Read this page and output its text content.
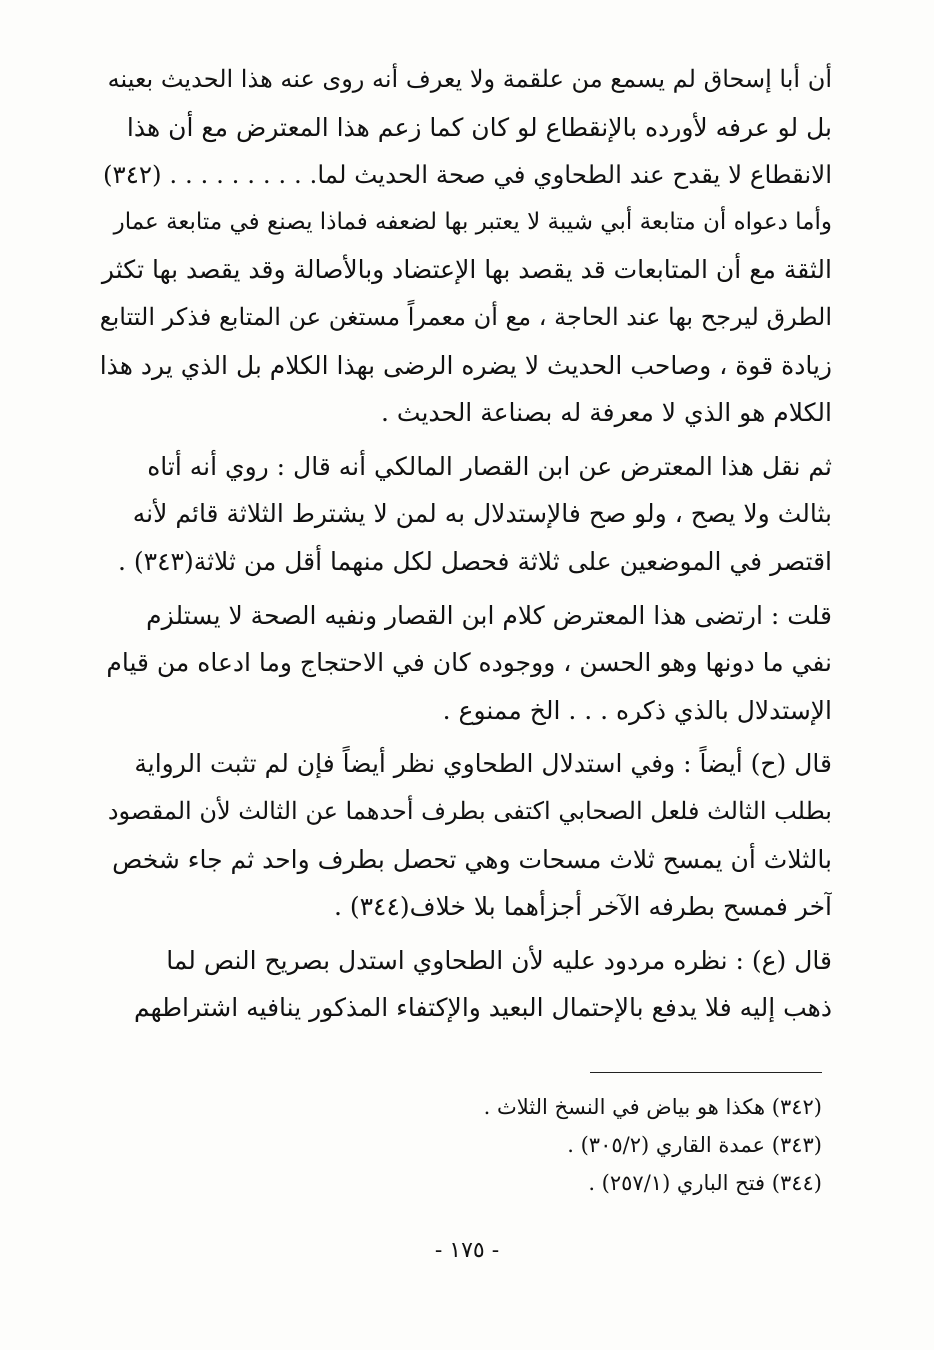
أن أبا إسحاق لم يسمع من علقمة ولا يعرف أنه روى عنه هذا الحديث بعينه
بل لو عرفه لأورده بالإنقطاع لو كان كما زعم هذا المعترض مع أن هذا
الانقطاع لا يقدح عند الطحاوي في صحة الحديث لما. . . . . . . . . . (٣٤٢)
وأما دعواه أن متابعة أبي شيبة لا يعتبر بها لضعفه فماذا يصنع في متابعة عمار
الثقة مع أن المتابعات قد يقصد بها الإعتضاد وبالأصالة وقد يقصد بها تكثر
الطرق ليرجح بها عند الحاجة ، مع أن معمراً مستغن عن المتابع فذكر التتابع
زيادة قوة ، وصاحب الحديث لا يضره الرضى بهذا الكلام بل الذي يرد هذا
الكلام هو الذي لا معرفة له بصناعة الحديث .
ثم نقل هذا المعترض عن ابن القصار المالكي أنه قال : روي أنه أتاه
بثالث ولا يصح ، ولو صح فالإستدلال به لمن لا يشترط الثلاثة قائم لأنه
اقتصر في الموضعين على ثلاثة فحصل لكل منهما أقل من ثلاثة(٣٤٣) .
قلت : ارتضى هذا المعترض كلام ابن القصار ونفيه الصحة لا يستلزم
نفي ما دونها وهو الحسن ، ووجوده كان في الاحتجاج وما ادعاه من قيام
الإستدلال بالذي ذكره . . . الخ ممنوع .
قال (ح) أيضاً : وفي استدلال الطحاوي نظر أيضاً فإن لم تثبت الرواية
بطلب الثالث فلعل الصحابي اكتفى بطرف أحدهما عن الثالث لأن المقصود
بالثلاث أن يمسح ثلاث مسحات وهي تحصل بطرف واحد ثم جاء شخص
آخر فمسح بطرفه الآخر أجزأهما بلا خلاف(٣٤٤) .
قال (ع) : نظره مردود عليه لأن الطحاوي استدل بصريح النص لما
ذهب إليه فلا يدفع بالإحتمال البعيد والإكتفاء المذكور ينافيه اشتراطهم
(٣٤٢) هكذا هو بياض في النسخ الثلاث .
(٣٤٣) عمدة القاري (٣٠٥/٢) .
(٣٤٤) فتح الباري (٢٥٧/١) .
- ١٧٥ -
